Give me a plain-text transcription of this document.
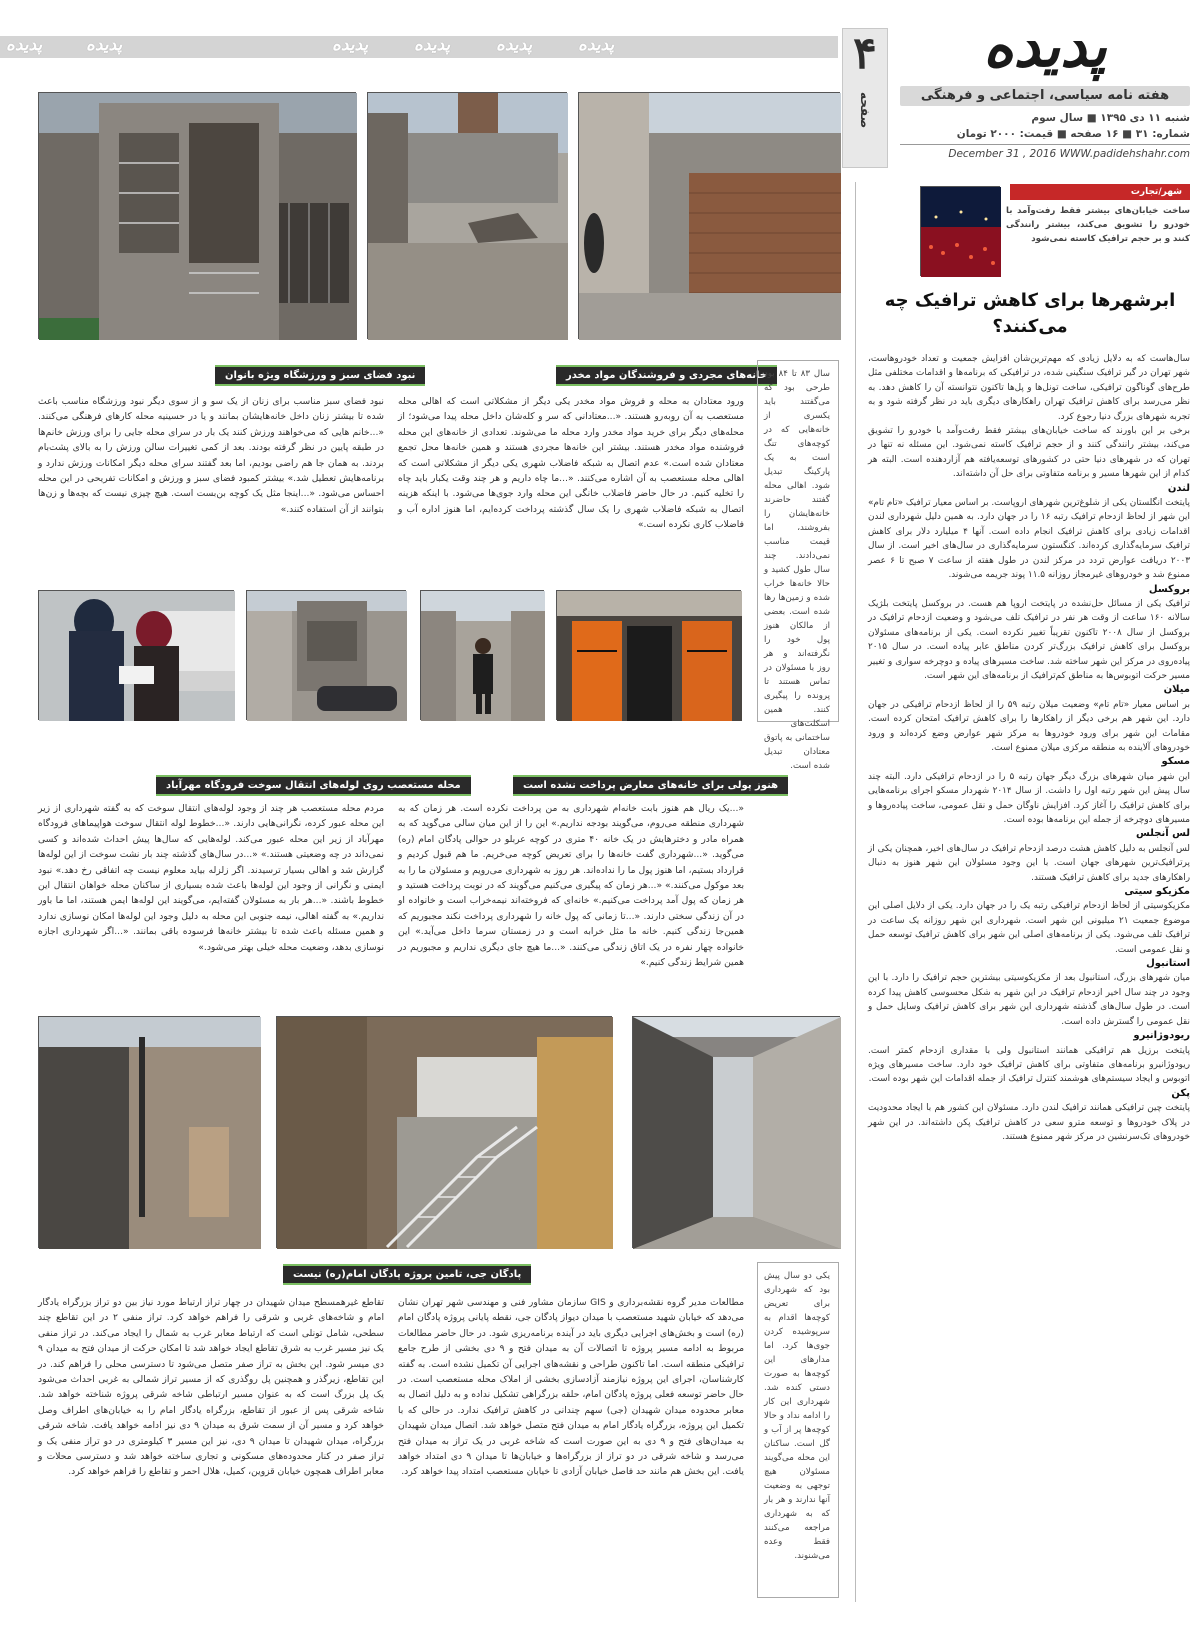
پدیده	پدیده	پدیده	پدیده	پدیده	پدیده	۴
صفحه
پدیده
هفته نامه سیاسی، اجتماعی و فرهنگی
شنبه ۱۱ دی ۱۳۹۵ ■ سال سوم
شماره: ۳۱ ■ ۱۶ صفحه ■ قیمت: ۲۰۰۰ تومان
December 31 , 2016 WWW.padidehshahr.com
خانه‌های مجردی و فروشندگان مواد مخدر
نبود فضای سبز و ورزشگاه ویژه بانوان	سال ۸۳ تا ۸۴ بود طرحی بود که می‌گفتند باید یکسری از خانه‌هایی که در کوچه‌های تنگ است به یک پارکینگ تبدیل شود. اهالی محله گفتند حاضرند خانه‌هایشان را بفروشند، اما قیمت مناسب نمی‌دادند. چند سال طول کشید و حالا خانه‌ها خراب شده و زمین‌ها رها شده است. بعضی از مالکان هنوز پول خود را نگرفته‌اند و هر روز با مسئولان در تماس هستند تا پرونده را پیگیری کنند. همین اسکلت‌های ساختمانی به پاتوق معتادان تبدیل شده است.
ورود معتادان به محله و فروش مواد مخدر یکی دیگر از مشکلاتی است که اهالی محله مستعصب به آن روبه‌رو هستند. «...معتادانی که سر و کله‌شان داخل محله پیدا می‌شود؛ از محله‌های دیگر برای خرید مواد مخدر وارد محله ما می‌شوند. تعدادی از خانه‌های این محله فروشنده مواد مخدر هستند. بیشتر این خانه‌ها مجردی هستند و همین خانه‌ها محل تجمع معتادان شده است.» عدم اتصال به شبکه فاضلاب شهری یکی دیگر از مشکلاتی است که اهالی محله مستعصب به آن اشاره می‌کنند. «...ما چاه داریم و هر چند وقت یکبار باید چاه را تخلیه کنیم. در حال حاضر فاضلاب خانگی این محله وارد جوی‌ها می‌شود. با اینکه هزینه اتصال به شبکه فاضلاب شهری را یک سال گذشته پرداخت کرده‌ایم، اما هنوز اداره آب و فاضلاب کاری نکرده است.»
نبود فضای سبز مناسب برای زنان از یک سو و از سوی دیگر نبود ورزشگاه مناسب باعث شده تا بیشتر زنان داخل خانه‌هایشان بمانند و یا در حسینیه محله کارهای فرهنگی می‌کنند. «...خانم هایی که می‌خواهند ورزش کنند یک بار در سرای محله جایی را برای ورزش خانم‌ها در طبقه پایین در نظر گرفته بودند. بعد از کمی تغییرات سالن ورزش را به بالای پشت‌بام بردند. به همان جا هم راضی بودیم، اما بعد گفتند سرای محله دیگر امکانات ورزش ندارد و برنامه‌هایش تعطیل شد.» بیشتر کمبود فضای سبز و ورزش و امکانات تفریحی در این محله احساس می‌شود. «...اینجا مثل یک کوچه بن‌بست است. هیچ چیزی نیست که بچه‌ها و زن‌ها بتوانند از آن استفاده کنند.»
هنوز پولی برای خانه‌های معارض پرداخت نشده است
محله مستعصب روی لوله‌های انتقال سوخت فرودگاه مهرآباد
«...یک ریال هم هنوز بابت خانه‌ام شهرداری به من پرداخت نکرده است. هر زمان که به شهرداری منطقه می‌روم، می‌گویند بودجه نداریم.» این را از این میان سالی می‌گوید که به همراه مادر و دخترهایش در یک خانه ۴۰ متری در کوچه عربلو در حوالی پادگان امام (ره) می‌گوید. «...شهرداری گفت خانه‌ها را برای تعریض کوچه می‌خریم. ما هم قبول کردیم و قرارداد بستیم، اما هنوز پول ما را نداده‌اند. هر روز به شهرداری می‌رویم و مسئولان ما را به بعد موکول می‌کنند.» «...هر زمان که پیگیری می‌کنیم می‌گویند که در نوبت پرداخت هستید و هر زمان که پول آمد پرداخت می‌کنیم.» خانه‌ای که فروخته‌اند نیمه‌خراب است و خانواده او در آن زندگی سختی دارند. «...تا زمانی که پول خانه را شهرداری پرداخت نکند مجبوریم که همین‌جا زندگی کنیم. خانه ما مثل خرابه است و در زمستان سرما داخل می‌آید.» این خانواده چهار نفره در یک اتاق زندگی می‌کنند. «...ما هیچ جای دیگری نداریم و مجبوریم در همین شرایط زندگی کنیم.»
مردم محله مستعصب هر چند از وجود لوله‌های انتقال سوخت که به گفته شهرداری از زیر این محله عبور کرده، نگرانی‌هایی دارند. «...خطوط لوله انتقال سوخت هواپیماهای فرودگاه مهرآباد از زیر این محله عبور می‌کند. لوله‌هایی که سال‌ها پیش احداث شده‌اند و کسی نمی‌داند در چه وضعیتی هستند.» «...در سال‌های گذشته چند بار نشت سوخت از این لوله‌ها گزارش شد و اهالی بسیار ترسیدند. اگر زلزله بیاید معلوم نیست چه اتفاقی رخ دهد.» نبود ایمنی و نگرانی از وجود این لوله‌ها باعث شده بسیاری از ساکنان محله خواهان انتقال این خطوط باشند. «...هر بار به مسئولان گفته‌ایم، می‌گویند این لوله‌ها ایمن هستند، اما ما باور نداریم.» به گفته اهالی، نیمه جنوبی این محله به دلیل وجود این لوله‌ها امکان نوسازی ندارد و همین مسئله باعث شده تا بیشتر خانه‌ها فرسوده باقی بمانند. «...اگر شهرداری اجازه نوسازی بدهد، وضعیت محله خیلی بهتر می‌شود.»
پادگان جی، تامین پروژه پادگان امام(ره) نیست	یکی دو سال پیش بود که شهرداری برای تعریض کوچه‌ها اقدام به سرپوشیده کردن جوی‌ها کرد. اما مدارهای این کوچه‌ها به صورت دستی کنده شد. شهرداری این کار را ادامه نداد و حالا کوچه‌ها پر از آب و گل است. ساکنان این محله می‌گویند مسئولان هیچ توجهی به وضعیت آنها ندارند و هر بار که به شهرداری مراجعه می‌کنند فقط وعده می‌شنوند.
مطالعات مدیر گروه نقشه‌برداری و GIS سازمان مشاور فنی و مهندسی شهر تهران نشان می‌دهد که خیابان شهید مستعصب با میدان دیواز پادگان جی، نقطه پایانی پروژه پادگان امام (ره) است و بخش‌های اجرایی دیگری باید در آینده برنامه‌ریزی شود. در حال حاضر مطالعات مربوط به ادامه مسیر پروژه تا اتصالات آن به میدان فتح و ۹ دی بخشی از طرح جامع ترافیکی منطقه است. اما تاکنون طراحی و نقشه‌های اجرایی آن تکمیل نشده است. به گفته کارشناسان، اجرای این پروژه نیازمند آزادسازی بخشی از املاک محله مستعصب است. در حال حاضر توسعه فعلی پروژه پادگان امام، حلقه بزرگراهی تشکیل نداده و به دلیل اتصال به معابر محدوده میدان شهیدان (جی) سهم چندانی در کاهش ترافیک ندارد. در حالی که با تکمیل این پروژه، بزرگراه یادگار امام به میدان فتح متصل خواهد شد. اتصال میدان شهیدان به میدان‌های فتح و ۹ دی به این صورت است که شاخه غربی در یک تراز به میدان فتح می‌رسد و شاخه شرقی در دو تراز از بزرگراه‌ها و خیابان‌ها تا میدان ۹ دی امتداد خواهد یافت. این بخش هم مانند حد فاصل خیابان آزادی تا خیابان مستعصب امتداد پیدا خواهد کرد.
تقاطع غیرهمسطح میدان شهیدان در چهار تراز ارتباط مورد نیاز بین دو تراز بزرگراه یادگار امام و شاخه‌های غربی و شرقی را فراهم خواهد کرد. تراز منفی ۲ در این تقاطع چند سطحی، شامل تونلی است که ارتباط معابر غرب به شمال را ایجاد می‌کند. در تراز منفی یک نیز مسیر غرب به شرق تقاطع ایجاد خواهد شد تا امکان حرکت از میدان فتح به میدان ۹ دی میسر شود. این بخش به تراز صفر متصل می‌شود تا دسترسی محلی را فراهم کند. در این تقاطع، زیرگذر و همچنین پل روگذری که از مسیر تراز شمالی به غربی احداث می‌شود یک پل بزرگ است که به عنوان مسیر ارتباطی شاخه شرقی پروژه شناخته خواهد شد. شاخه شرقی پس از عبور از تقاطع، بزرگراه یادگار امام را به خیابان‌های اطراف وصل خواهد کرد و مسیر آن از سمت شرق به میدان ۹ دی نیز ادامه خواهد یافت. شاخه شرقی بزرگراه، میدان شهیدان تا میدان ۹ دی، نیز این مسیر ۳ کیلومتری در دو تراز منفی یک و تراز صفر در کنار محدوده‌های مسکونی و تجاری ساخته خواهد شد و دسترسی محلات و معابر اطراف همچون خیابان قزوین، کمیل، هلال احمر و تقاطع را فراهم خواهد کرد.
شهر/تجارت
ساخت خیابان‌های بیشتر فقط رفت‌وآمد با خودرو را تشویق می‌کند، بیشتر رانندگی کنند و بر حجم ترافیک کاسته نمی‌شود
ابرشهرها برای کاهش ترافیک چه می‌کنند؟

سال‌هاست که به دلایل زیادی که مهم‌ترین‌شان افزایش جمعیت و تعداد خودروها‌ست، شهر تهران در گیر ترافیک سنگینی شده، در ترافیکی که برنامه‌ها و اقدامات مختلفی مثل طرح‌های گوناگون ترافیکی، ساخت تونل‌ها و پل‌ها تاکنون نتوانسته آن را کاهش دهد. به نظر می‌رسد برای کاهش ترافیک تهران راهکارهای دیگری باید در نظر گرفته شود و به تجربه شهرهای بزرگ دنیا رجوع کرد.

برخی بر این باورند که ساخت خیابان‌های بیشتر فقط رفت‌وآمد با خودرو را تشویق می‌کند، بیشتر رانندگی کنند و از حجم ترافیک کاسته نمی‌شود. این مسئله نه تنها در تهران که در شهرهای دنیا حتی در کشورهای توسعه‌یافته هم آزاردهنده است. البته هر کدام از این شهرها مسیر و برنامه متفاوتی برای حل آن داشته‌اند.

لندن

پایتخت انگلستان یکی از شلوغ‌ترین شهرهای اروپاست. بر اساس معیار ترافیک «تام تام» این شهر از لحاظ ازدحام ترافیک رتبه ۱۶ را در جهان دارد. به همین دلیل شهرداری لندن اقدامات زیادی برای کاهش ترافیک انجام داده است. آنها ۴ میلیارد دلار برای کاهش ترافیک سرمایه‌گذاری کرده‌اند. کنگستون سرمایه‌گذاری در سال‌های اخیر است. از سال ۲۰۰۳ دریافت عوارض تردد در مرکز لندن در طول هفته از ساعت ۷ صبح تا ۶ عصر ممنوع شد و خودروهای غیرمجاز روزانه ۱۱.۵ پوند جریمه می‌شوند.

بروکسل

ترافیک یکی از مسائل حل‌نشده در پایتخت اروپا هم هست. در بروکسل پایتخت بلژیک سالانه ۱۶۰ ساعت از وقت هر نفر در ترافیک تلف می‌شود و وضعیت ازدحام ترافیک در بروکسل از سال ۲۰۰۸ تاکنون تقریباً تغییر نکرده است. یکی از برنامه‌های مسئولان بروکسل برای کاهش ترافیک بزرگ‌تر کردن مناطق عابر پیاده است. در سال ۲۰۱۵ پیاده‌روی در مرکز این شهر ساخته شد. ساخت مسیرهای پیاده و دوچرخه سواری و تغییر مسیر حرکت اتوبوس‌ها به مناطق کم‌ترافیک از برنامه‌های این شهر است.

میلان

بر اساس معیار «تام تام» وضعیت میلان رتبه ۵۹ را از لحاظ ازدحام ترافیکی در جهان دارد. این شهر هم برخی دیگر از راهکارها را برای کاهش ترافیک امتحان کرده است. مقامات این شهر برای ورود خودروها به مرکز شهر عوارض وضع کرده‌اند و ورود خودروهای آلاینده به منطقه مرکزی میلان ممنوع است.

مسکو

این شهر میان شهرهای بزرگ دیگر جهان رتبه ۵ را در ازدحام ترافیکی دارد. البته چند سال پیش این شهر رتبه اول را داشت. از سال ۲۰۱۴ شهردار مسکو اجرای برنامه‌هایی برای کاهش ترافیک را آغاز کرد. افزایش ناوگان حمل و نقل عمومی، ساخت پیاده‌روها و مسیرهای دوچرخه از جمله این برنامه‌ها بوده است.

لس آنجلس

لس آنجلس به دلیل کاهش هشت درصد ازدحام ترافیک در سال‌های اخیر، همچنان یکی از پرترافیک‌ترین شهرهای جهان است. با این وجود مسئولان این شهر هنوز به دنبال راهکارهای جدید برای کاهش ترافیک هستند.

مکزیکو سیتی

مکزیکوسیتی از لحاظ ازدحام ترافیکی رتبه یک را در جهان دارد. یکی از دلایل اصلی این موضوع جمعیت ۲۱ میلیونی این شهر است. شهرداری این شهر روزانه یک ساعت در ترافیک تلف می‌شود. یکی از برنامه‌های اصلی این شهر برای کاهش ترافیک توسعه حمل و نقل عمومی است.

استانبول

میان شهرهای بزرگ، استانبول بعد از مکزیکوسیتی بیشترین حجم ترافیک را دارد. با این وجود در چند سال اخیر ازدحام ترافیک در این شهر به شکل محسوسی کاهش پیدا کرده است. در طول سال‌های گذشته شهرداری این شهر برای کاهش ترافیک وسایل حمل و نقل عمومی را گسترش داده است.

ریودوژانیرو

پایتخت برزیل هم ترافیکی همانند استانبول ولی با مقداری ازدحام کمتر است. ریودوژانیرو برنامه‌های متفاوتی برای کاهش ترافیک خود دارد. ساخت مسیرهای ویژه اتوبوس و ایجاد سیستم‌های هوشمند کنترل ترافیک از جمله اقدامات این شهر بوده است.

پکن

پایتخت چین ترافیکی همانند ترافیک لندن دارد. مسئولان این کشور هم با ایجاد محدودیت در پلاک خودروها و توسعه مترو سعی در کاهش ترافیک پکن داشته‌اند. در این شهر خودروهای تک‌سرنشین در مرکز شهر ممنوع هستند.
